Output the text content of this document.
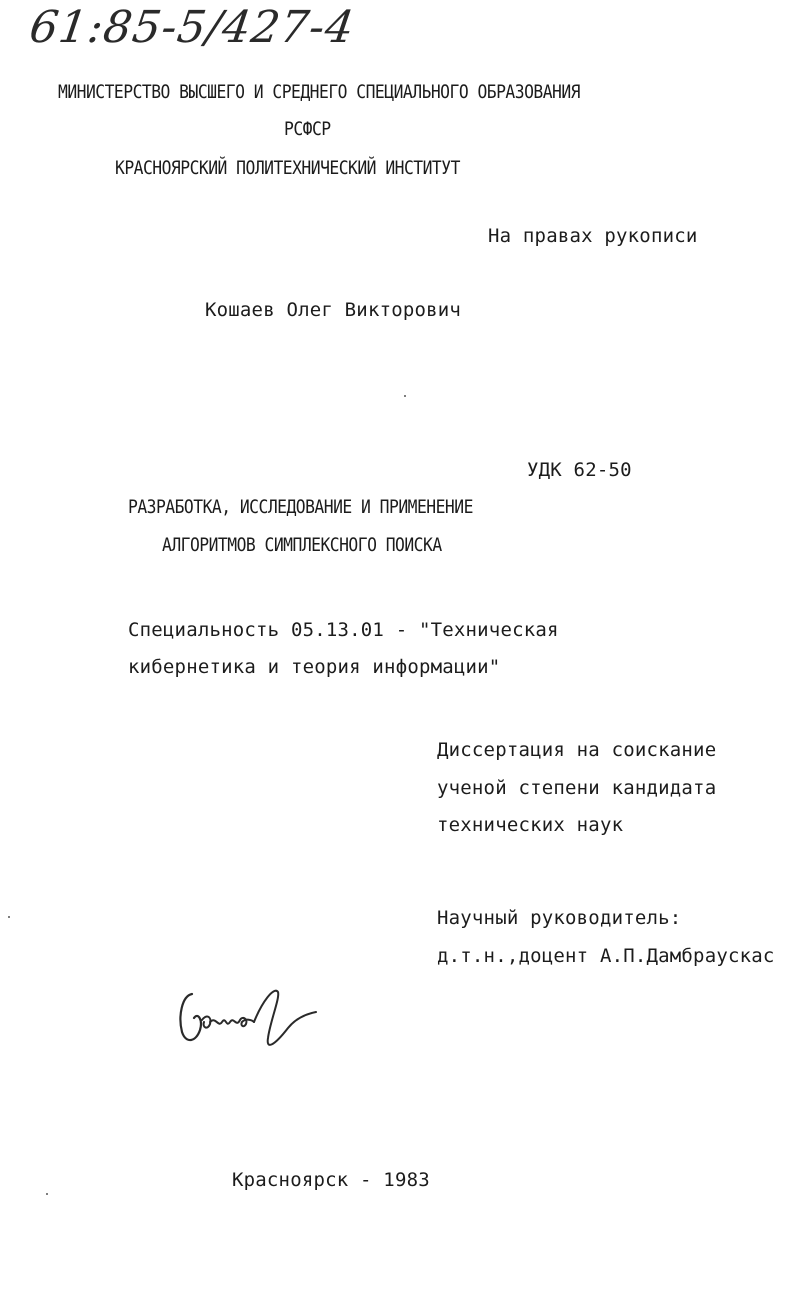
61:85-5/427-4
МИНИСТЕРСТВО ВЫСШЕГО И СРЕДНЕГО СПЕЦИАЛЬНОГО ОБРАЗОВАНИЯ
РСФСР
КРАСНОЯРСКИЙ ПОЛИТЕХНИЧЕСКИЙ ИНСТИТУТ
На правах рукописи
Кошаев Олег Викторович
УДК 62-50
РАЗРАБОТКА, ИССЛЕДОВАНИЕ И ПРИМЕНЕНИЕ
АЛГОРИТМОВ СИМПЛЕКСНОГО ПОИСКА
Специальность 05.13.01 - "Техническая
кибернетика и теория информации"
Диссертация на соискание
ученой степени кандидата
технических наук
Научный руководитель:
д.т.н.,доцент А.П.Дамбраускас
Красноярск - 1983
